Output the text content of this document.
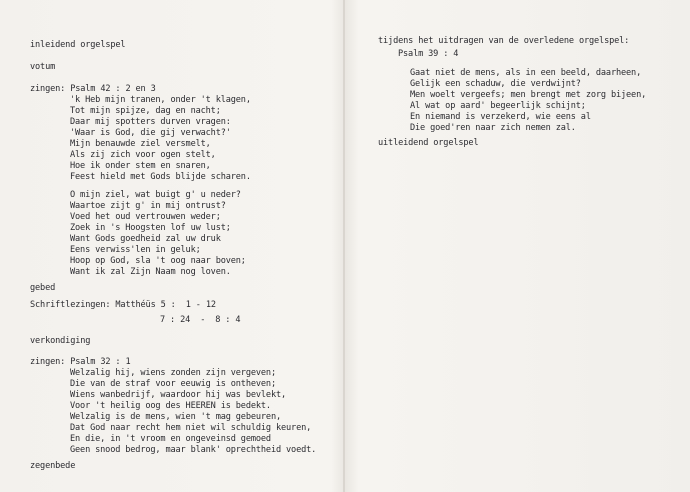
inleidend orgelspel
votum
zingen: Psalm 42 : 2 en 3
'k Heb mijn tranen, onder 't klagen,
Tot mijn spijze, dag en nacht;
Daar mij spotters durven vragen:
'Waar is God, die gij verwacht?'
Mijn benauwde ziel versmelt,
Als zij zich voor ogen stelt,
Hoe ik onder stem en snaren,
Feest hield met Gods blijde scharen.
O mijn ziel, wat buigt g' u neder?
Waartoe zijt g' in mij ontrust?
Voed het oud vertrouwen weder;
Zoek in 's Hoogsten lof uw lust;
Want Gods goedheid zal uw druk
Eens verwiss'len in geluk;
Hoop op God, sla 't oog naar boven;
Want ik zal Zijn Naam nog loven.
gebed
Schriftlezingen: Matthéüs 5 :  1 - 12
7 : 24  -  8 : 4
verkondiging
zingen: Psalm 32 : 1
Welzalig hij, wiens zonden zijn vergeven;
Die van de straf voor eeuwig is ontheven;
Wiens wanbedrijf, waardoor hij was bevlekt,
Voor 't heilig oog des HEEREN is bedekt.
Welzalig is de mens, wien 't mag gebeuren,
Dat God naar recht hem niet wil schuldig keuren,
En die, in 't vroom en ongeveinsd gemoed
Geen snood bedrog, maar blank' oprechtheid voedt.
zegenbede
tijdens het uitdragen van de overledene orgelspel:
Psalm 39 : 4
Gaat niet de mens, als in een beeld, daarheen,
Gelijk een schaduw, die verdwijnt?
Men woelt vergeefs; men brengt met zorg bijeen,
Al wat op aard' begeerlijk schijnt;
En niemand is verzekerd, wie eens al
Die goed'ren naar zich nemen zal.
uitleidend orgelspel
